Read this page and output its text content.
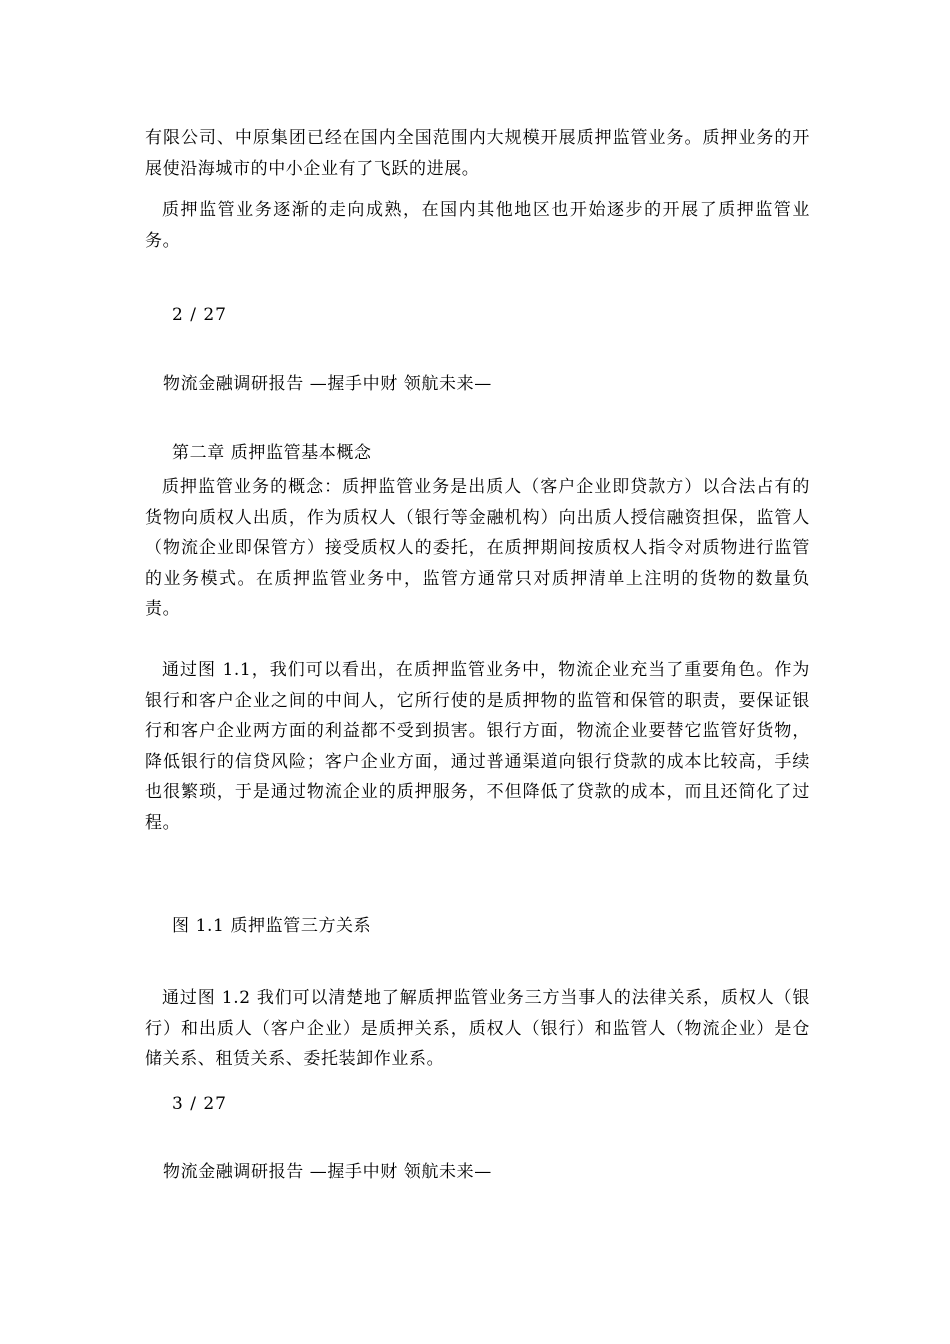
有限公司、中原集团已经在国内全国范围内大规模开展质押监管业务。质押业务的开展使沿海城市的中小企业有了飞跃的进展。

质押监管业务逐渐的走向成熟，在国内其他地区也开始逐步的开展了质押监管业务。

2 / 27

物流金融调研报告 —握手中财 领航未来—

第二章 质押监管基本概念

质押监管业务的概念：质押监管业务是出质人（客户企业即贷款方）以合法占有的货物向质权人出质，作为质权人（银行等金融机构）向出质人授信融资担保，监管人（物流企业即保管方）接受质权人的委托，在质押期间按质权人指令对质物进行监管的业务模式。在质押监管业务中，监管方通常只对质押清单上注明的货物的数量负责。

通过图 1.1，我们可以看出，在质押监管业务中，物流企业充当了重要角色。作为银行和客户企业之间的中间人，它所行使的是质押物的监管和保管的职责，要保证银行和客户企业两方面的利益都不受到损害。银行方面，物流企业要替它监管好货物，降低银行的信贷风险；客户企业方面，通过普通渠道向银行贷款的成本比较高，手续也很繁琐，于是通过物流企业的质押服务，不但降低了贷款的成本，而且还简化了过程。

图 1.1 质押监管三方关系

通过图 1.2 我们可以清楚地了解质押监管业务三方当事人的法律关系，质权人（银行）和出质人（客户企业）是质押关系，质权人（银行）和监管人（物流企业）是仓储关系、租赁关系、委托装卸作业系。

3 / 27

物流金融调研报告 —握手中财 领航未来—
